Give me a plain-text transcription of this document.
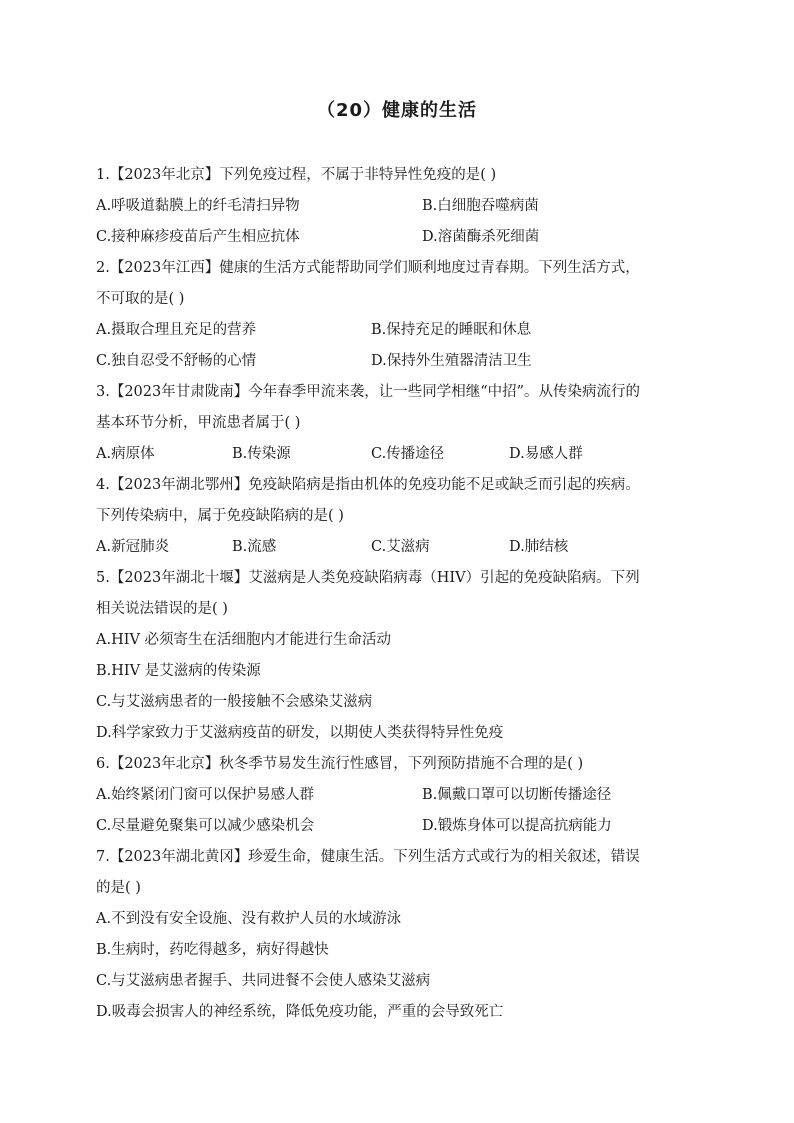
（20）健康的生活
1.【2023年北京】下列免疫过程，不属于非特异性免疫的是( )
A.呼吸道黏膜上的纤毛清扫异物	B.白细胞吞噬病菌
C.接种麻疹疫苗后产生相应抗体	D.溶菌酶杀死细菌
2.【2023年江西】健康的生活方式能帮助同学们顺利地度过青春期。下列生活方式，
不可取的是( )
A.摄取合理且充足的营养	B.保持充足的睡眠和休息
C.独自忍受不舒畅的心情	D.保持外生殖器清洁卫生
3.【2023年甘肃陇南】今年春季甲流来袭，让一些同学相继“中招”。从传染病流行的
基本环节分析，甲流患者属于( )
A.病原体	B.传染源	C.传播途径	D.易感人群
4.【2023年湖北鄂州】免疫缺陷病是指由机体的免疫功能不足或缺乏而引起的疾病。
下列传染病中，属于免疫缺陷病的是( )
A.新冠肺炎	B.流感	C.艾滋病	D.肺结核
5.【2023年湖北十堰】艾滋病是人类免疫缺陷病毒（HIV）引起的免疫缺陷病。下列
相关说法错误的是( )
A.HIV 必须寄生在活细胞内才能进行生命活动
B.HIV 是艾滋病的传染源
C.与艾滋病患者的一般接触不会感染艾滋病
D.科学家致力于艾滋病疫苗的研发，以期使人类获得特异性免疫
6.【2023年北京】秋冬季节易发生流行性感冒，下列预防措施不合理的是( )
A.始终紧闭门窗可以保护易感人群	B.佩戴口罩可以切断传播途径
C.尽量避免聚集可以减少感染机会	D.锻炼身体可以提高抗病能力
7.【2023年湖北黄冈】珍爱生命，健康生活。下列生活方式或行为的相关叙述，错误
的是( )
A.不到没有安全设施、没有救护人员的水域游泳
B.生病时，药吃得越多，病好得越快
C.与艾滋病患者握手、共同进餐不会使人感染艾滋病
D.吸毒会损害人的神经系统，降低免疫功能，严重的会导致死亡
